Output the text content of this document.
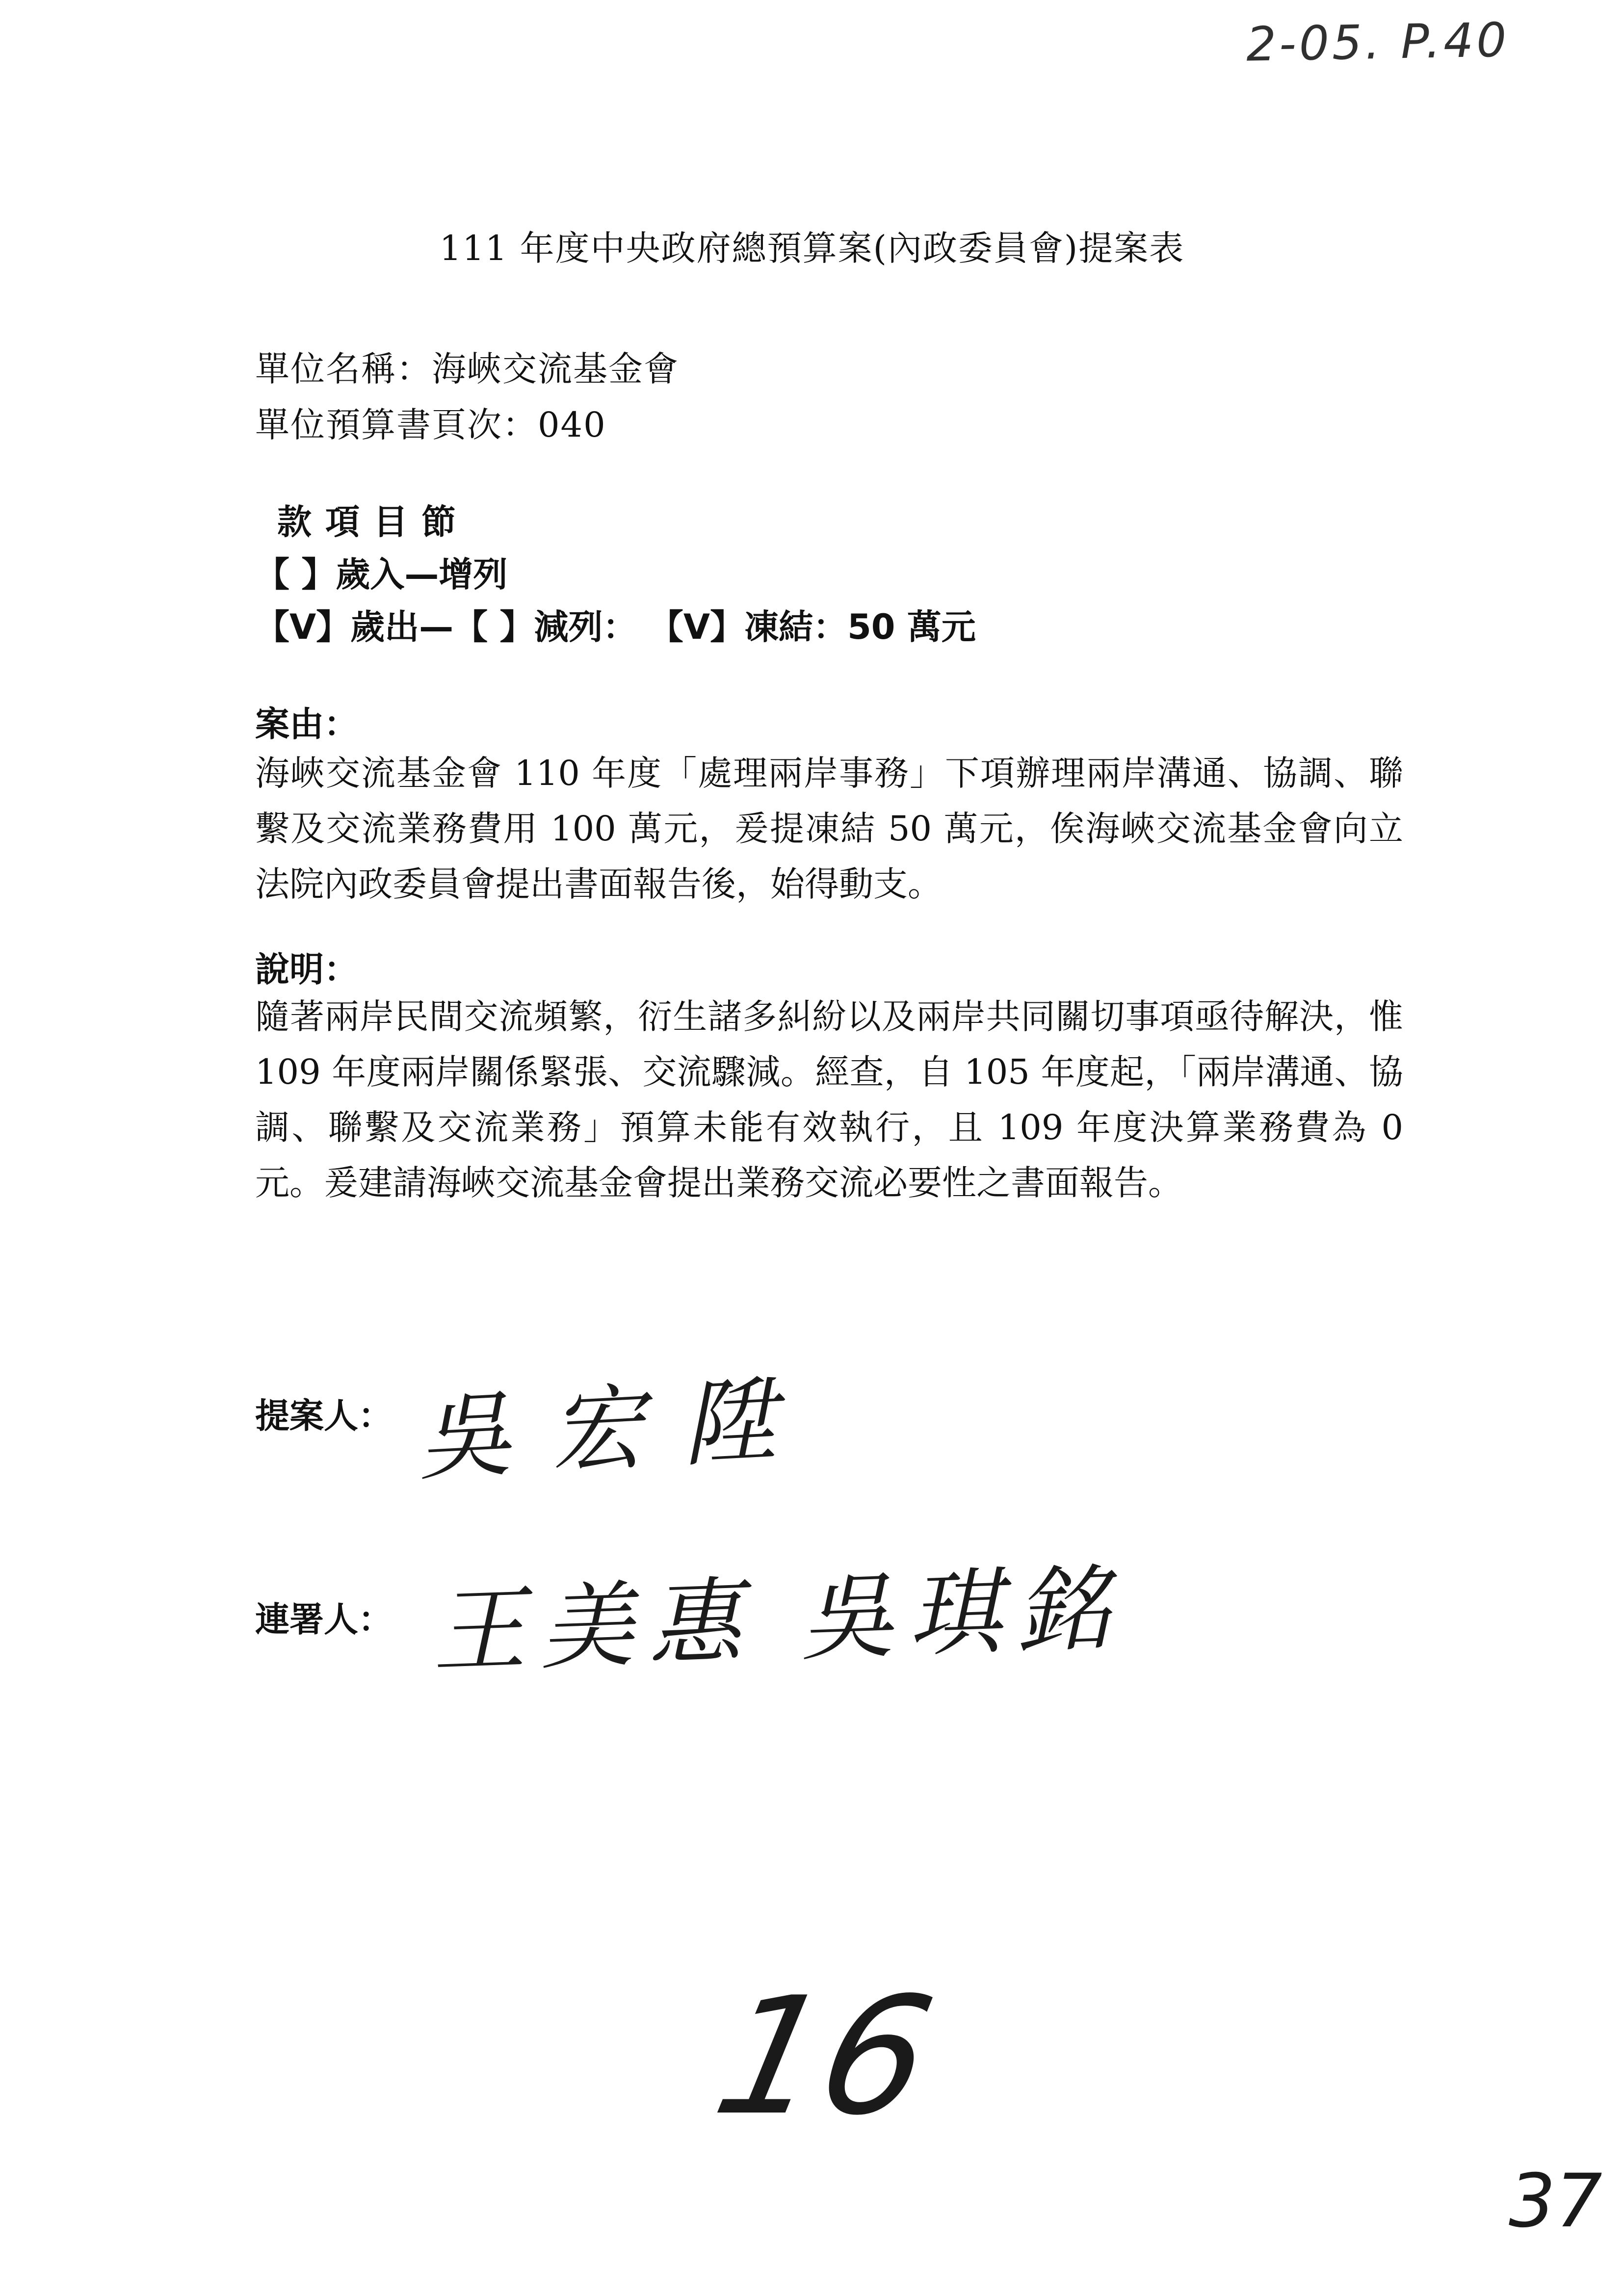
2-05. P.40
111 年度中央政府總預算案(內政委員會)提案表
單位名稱：海峽交流基金會
單位預算書頁次：040
款項目節
【 】歲入—增列
【V】歲出—【 】減列： 【V】凍結：50 萬元
案由：
海峽交流基金會 110 年度「處理兩岸事務」下項辦理兩岸溝通、協調、聯繫及交流業務費用 100 萬元，爰提凍結 50 萬元，俟海峽交流基金會向立法院內政委員會提出書面報告後，始得動支。
說明：
隨著兩岸民間交流頻繁，衍生諸多糾紛以及兩岸共同關切事項亟待解決，惟 109 年度兩岸關係緊張、交流驟減。經查，自 105 年度起，「兩岸溝通、協調、聯繫及交流業務」預算未能有效執行，且 109 年度決算業務費為 0 元。爰建請海峽交流基金會提出業務交流必要性之書面報告。
提案人： 吳宏陞
連署人： 王美惠 吳琪銘
16
37
